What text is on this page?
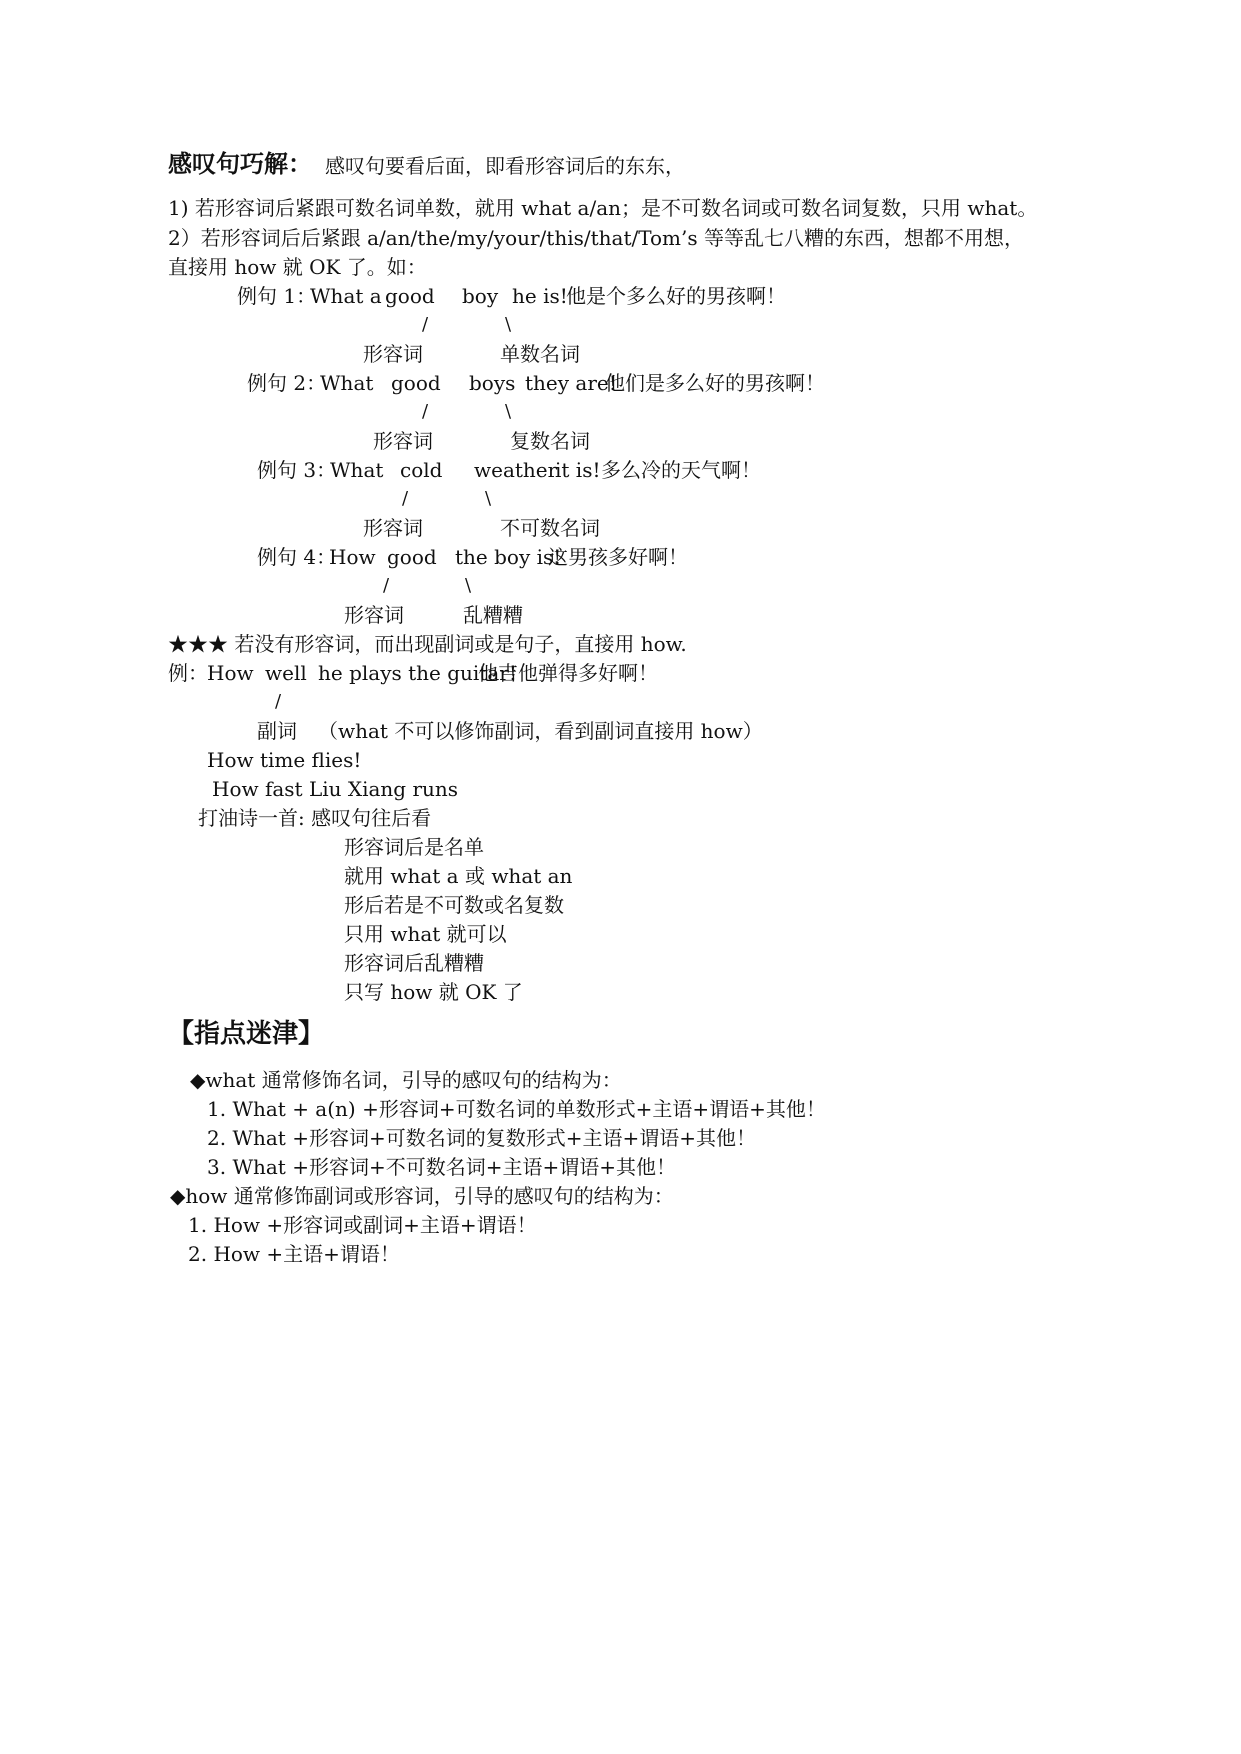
感叹句巧解： 感叹句要看后面，即看形容词后的东东，
1) 若形容词后紧跟可数名词单数，就用 what a/an；是不可数名词或可数名词复数，只用 what。
2）若形容词后后紧跟 a/an/the/my/your/this/that/Tom’s 等等乱七八糟的东西，想都不用想，
直接用 how 就 OK 了。如：
例句 1：
What a good boy he is!
他是个多么好的男孩啊！
/	\
形容词	单数名词
例句 2：
What good boys they are!
他们是多么好的男孩啊！
/	\
形容词	复数名词
例句 3：
What cold weather
it is! 多么冷的天气啊！
/	\
形容词	不可数名词
例句 4：
How good the boy is!
这男孩多好啊！
/	\
形容词	乱糟糟
★★★ 若没有形容词，而出现副词或是句子，直接用 how.
例： How well he plays the guitar!
他吉他弹得多好啊！
/
副词 （what 不可以修饰副词，看到副词直接用 how）
How time flies!
How fast Liu Xiang runs
打油诗一首: 感叹句往后看
形容词后是名单
就用 what a 或 what an
形后若是不可数或名复数
只用 what 就可以
形容词后乱糟糟
只写 how 就 OK 了
【指点迷津】
◆what 通常修饰名词，引导的感叹句的结构为：
1. What + a(n) +形容词+可数名词的单数形式+主语+谓语+其他！
2. What +形容词+可数名词的复数形式+主语+谓语+其他！
3. What +形容词+不可数名词+主语+谓语+其他！
◆how 通常修饰副词或形容词，引导的感叹句的结构为：
1. How +形容词或副词+主语+谓语！
2. How +主语+谓语！
